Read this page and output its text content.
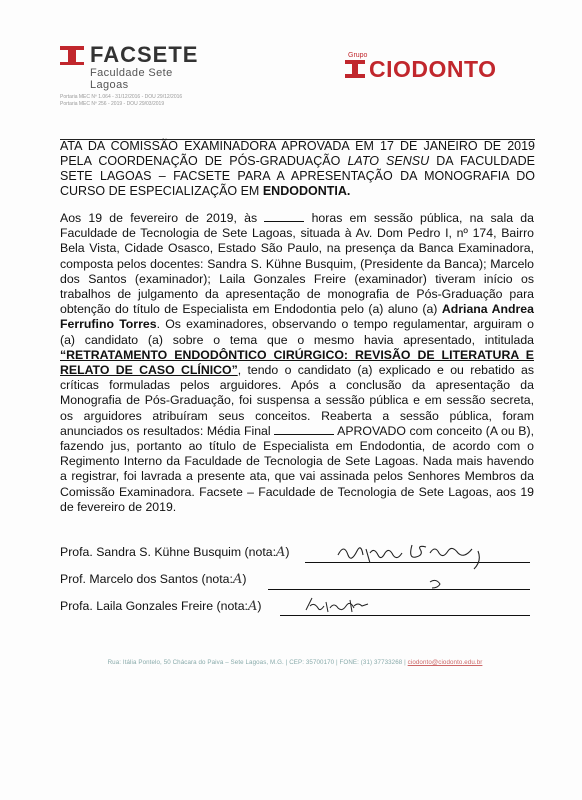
FACSETE
Faculdade Sete Lagoas
Portaria MEC Nº 1.064 - 31/12/2016 - DOU 29/12/2016
Portaria MEC Nº 256 - 2019 - DOU 29/03/2019
Grupo
CIODONTO
ATA DA COMISSÃO EXAMINADORA APROVADA EM 17 DE JANEIRO DE 2019 PELA COORDENAÇÃO DE PÓS-GRADUAÇÃO LATO SENSU DA FACULDADE SETE LAGOAS – FACSETE PARA A APRESENTAÇÃO DA MONOGRAFIA DO CURSO DE ESPECIALIZAÇÃO EM ENDODONTIA.
Aos 19 de fevereiro de 2019, às	horas em sessão pública, na sala da Faculdade de Tecnologia de Sete Lagoas, situada à Av. Dom Pedro I, nº 174, Bairro Bela Vista, Cidade Osasco, Estado São Paulo, na presença da Banca Examinadora, composta pelos docentes: Sandra S. Kühne Busquim, (Presidente da Banca); Marcelo dos Santos (examinador); Laila Gonzales Freire (examinador) tiveram início os trabalhos de julgamento da apresentação de monografia de Pós-Graduação para obtenção do título de Especialista em Endodontia pelo (a) aluno (a) Adriana Andrea Ferrufino Torres. Os examinadores, observando o tempo regulamentar, arguiram o (a) candidato (a) sobre o tema que o mesmo havia apresentado, intitulada “RETRATAMENTO ENDODÔNTICO CIRÚRGICO: REVISÃO DE LITERATURA E RELATO DE CASO CLÍNICO”, tendo o candidato (a) explicado e ou rebatido as críticas formuladas pelos arguidores. Após a conclusão da apresentação da Monografia de Pós-Graduação, foi suspensa a sessão pública e em sessão secreta, os arguidores atribuíram seus conceitos. Reaberta a sessão pública, foram anunciados os resultados: Média Final	APROVADO com conceito (A ou B), fazendo jus, portanto ao título de Especialista em Endodontia, de acordo com o Regimento Interno da Faculdade de Tecnologia de Sete Lagoas. Nada mais havendo a registrar, foi lavrada a presente ata, que vai assinada pelos Senhores Membros da Comissão Examinadora. Facsete – Faculdade de Tecnologia de Sete Lagoas, aos 19 de fevereiro de 2019.
Profa. Sandra S. Kühne Busquim (nota:A)
Prof. Marcelo dos Santos (nota:A)
Profa. Laila Gonzales Freire (nota:A)
Rua: Itália Pontelo, 50 Chácara do Paiva – Sete Lagoas, M.G. | CEP: 35700170 | FONE: (31) 37733268 | ciodonto@ciodonto.edu.br
